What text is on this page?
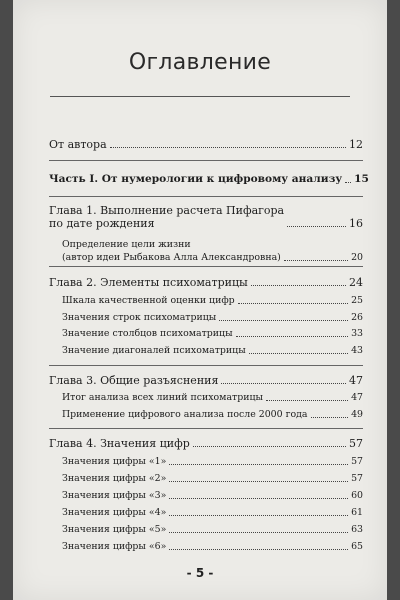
Оглавление
От автора	12
Часть I. От нумерологии к цифровому анализу 15
Глава 1. Выполнение расчета Пифагора
по дате рождения	16
Определение цели жизни
(автор идеи Рыбакова Алла Александровна)	20
Глава 2. Элементы психоматрицы	24
Шкала качественной оценки цифр	25
Значения строк психоматрицы	26
Значение столбцов психоматрицы	33
Значение диагоналей психоматрицы	43
Глава 3. Общие разъяснения	47
Итог анализа всех линий психоматрицы	47
Применение цифрового анализа после 2000 года	49
Глава 4. Значения цифр	57
Значения цифры «1»	57
Значения цифры «2»	57
Значения цифры «3»	60
Значения цифры «4»	61
Значения цифры «5»	63
Значения цифры «6»	65
- 5 -
